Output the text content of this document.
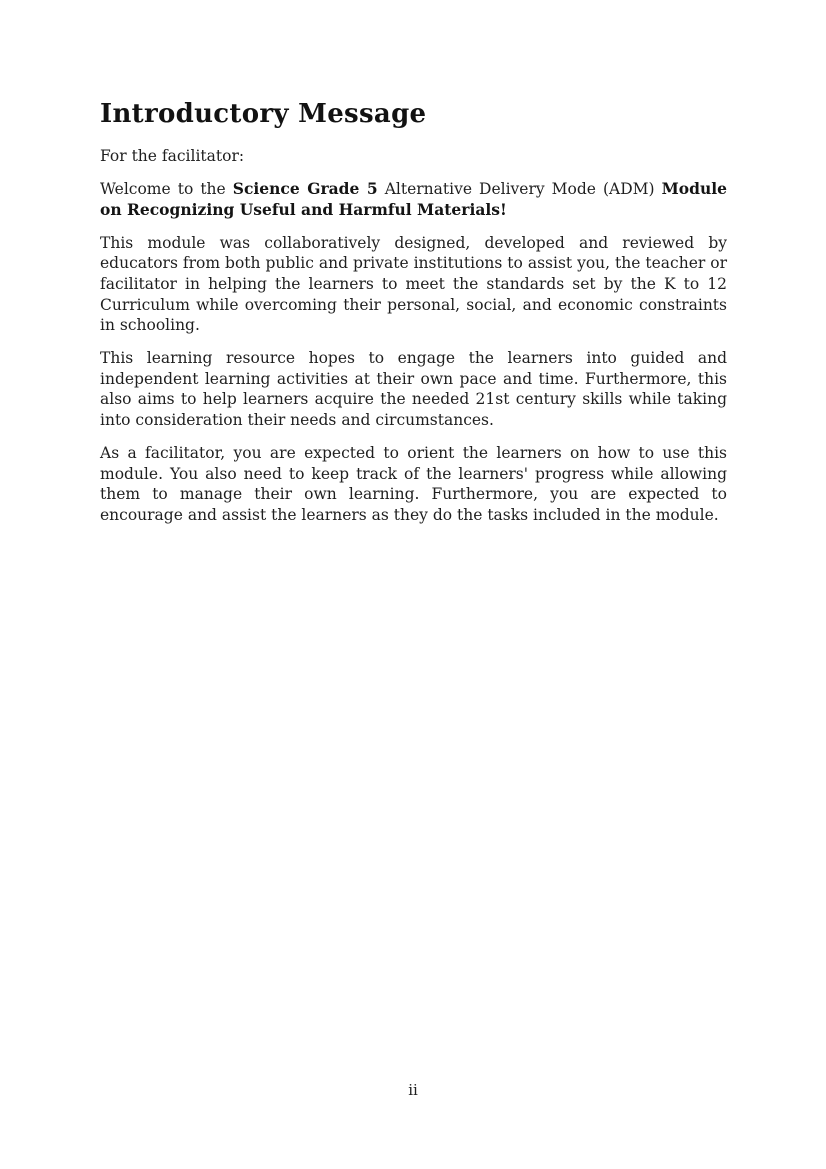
Introductory Message

For the facilitator:

Welcome to the Science Grade 5 Alternative Delivery Mode (ADM) Module on Recognizing Useful and Harmful Materials!

This module was collaboratively designed, developed and reviewed by educators from both public and private institutions to assist you, the teacher or facilitator in helping the learners to meet the standards set by the K to 12 Curriculum while overcoming their personal, social, and economic constraints in schooling.

This learning resource hopes to engage the learners into guided and independent learning activities at their own pace and time. Furthermore, this also aims to help learners acquire the needed 21st century skills while taking into consideration their needs and circumstances.

As a facilitator, you are expected to orient the learners on how to use this module. You also need to keep track of the learners' progress while allowing them to manage their own learning. Furthermore, you are expected to encourage and assist the learners as they do the tasks included in the module.

ii
